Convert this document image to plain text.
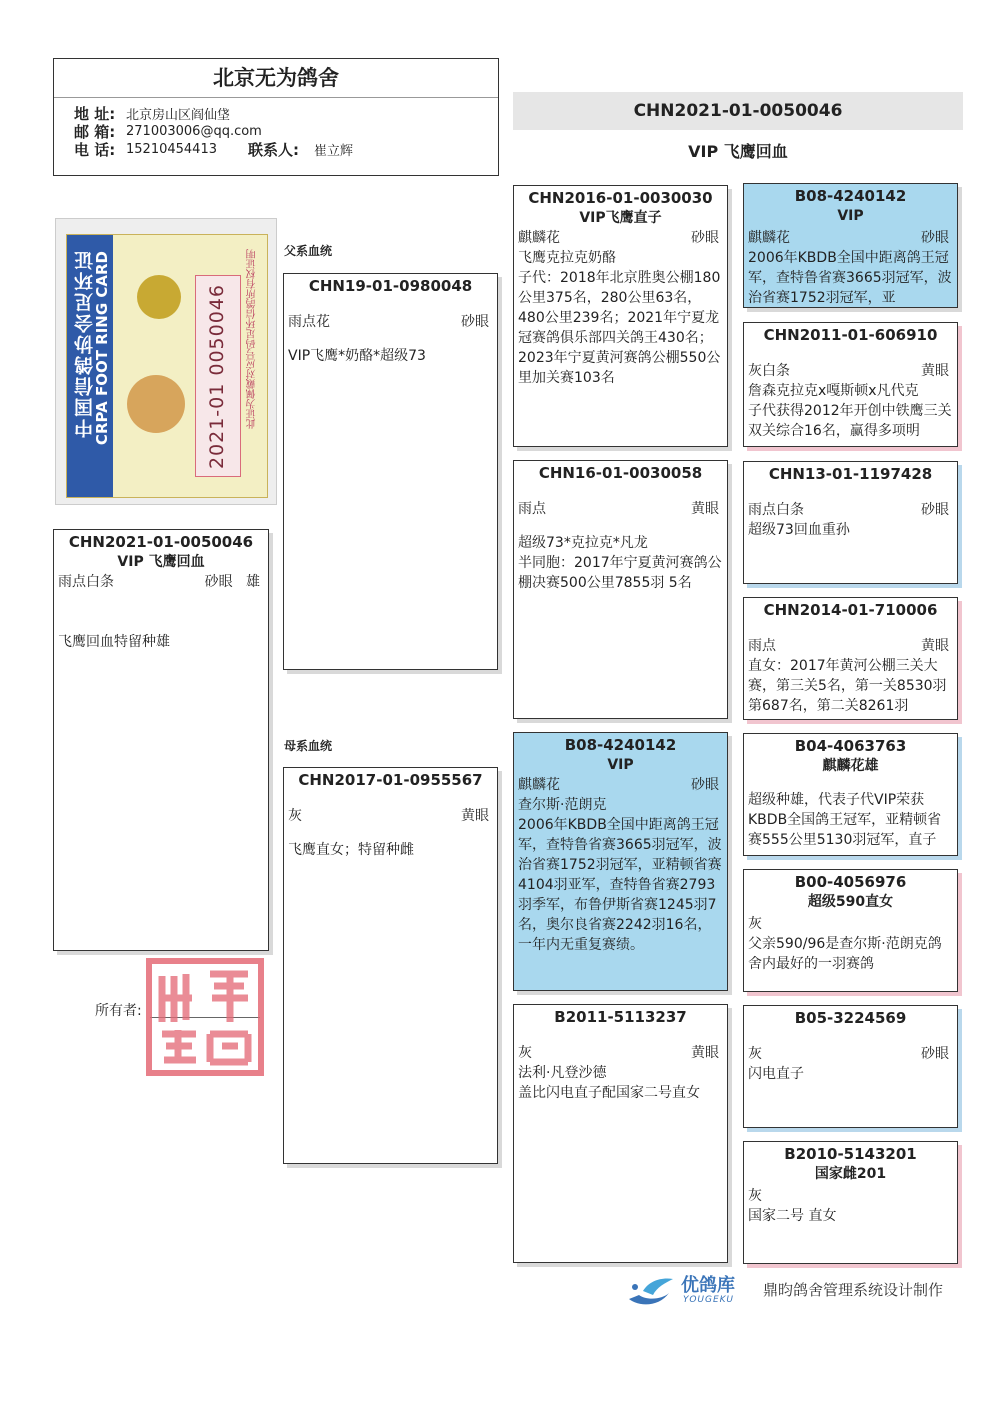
北京无为鸽舍
地 址: 北京房山区阎仙垡
邮 箱: 271003006@qq.com
电 话: 15210454413	联系人:	崔立辉
CHN2021-01-0050046
VIP 飞鹰回血
中国信鸽协会足环证
CRPA FOOT RING CARD	2021-01 0050046 此证为佩戴对应号码足环信鸽所有权证明
CHN2021-01-0050046
VIP 飞鹰回血
雨点白条	砂眼 雄
飞鹰回血特留种雄
父系血统
母系血统
CHN19-01-0980048
雨点花	砂眼
VIP飞鹰*奶酪*超级73
CHN2017-01-0955567
灰	黄眼
飞鹰直女；特留种雌
CHN2016-01-0030030
VIP飞鹰直子
麒麟花	砂眼
飞鹰克拉克奶酪
子代：2018年北京胜奥公棚180公里375名，280公里63名，480公里239名；2021年宁夏龙冠赛鸽俱乐部四关鸽王430名；2023年宁夏黄河赛鸽公棚550公里加关赛103名
CHN16-01-0030058
雨点	黄眼
超级73*克拉克*凡龙
半同胞：2017年宁夏黄河赛鸽公棚决赛500公里7855羽 5名
B08-4240142
VIP
麒麟花	砂眼
查尔斯·范朗克
2006年KBDB全国中距离鸽王冠军，查特鲁省赛3665羽冠军，波治省赛1752羽冠军，亚精顿省赛4104羽亚军，查特鲁省赛2793羽季军，布鲁伊斯省赛1245羽7名，奥尔良省赛2242羽16名，一年内无重复赛绩。
B2011-5113237
灰	黄眼
法利·凡登沙德
盖比闪电直子配国家二号直女
B08-4240142
VIP
麒麟花	砂眼
2006年KBDB全国中距离鸽王冠军，查特鲁省赛3665羽冠军，波治省赛1752羽冠军，亚
CHN2011-01-606910
灰白条	黄眼
詹森克拉克x嘎斯顿x凡代克
子代获得2012年开创中铁鹰三关双关综合16名，赢得多项明
CHN13-01-1197428
雨点白条	砂眼
超级73回血重孙
CHN2014-01-710006
雨点	黄眼
直女：2017年黄河公棚三关大赛，第三关5名，第一关8530羽第687名，第二关8261羽
B04-4063763
麒麟花雄
超级种雄，代表子代VIP荣获KBDB全国鸽王冠军，亚精顿省赛555公里5130羽冠军，直子
B00-4056976
超级590直女
灰
父亲590/96是查尔斯·范朗克鸽舍内最好的一羽赛鸽
B05-3224569
灰	砂眼
闪电直子
B2010-5143201
国家雌201
灰
国家二号 直女
所有者:
优鸽库
YOUGEKU
鼎昀鸽舍管理系统设计制作
